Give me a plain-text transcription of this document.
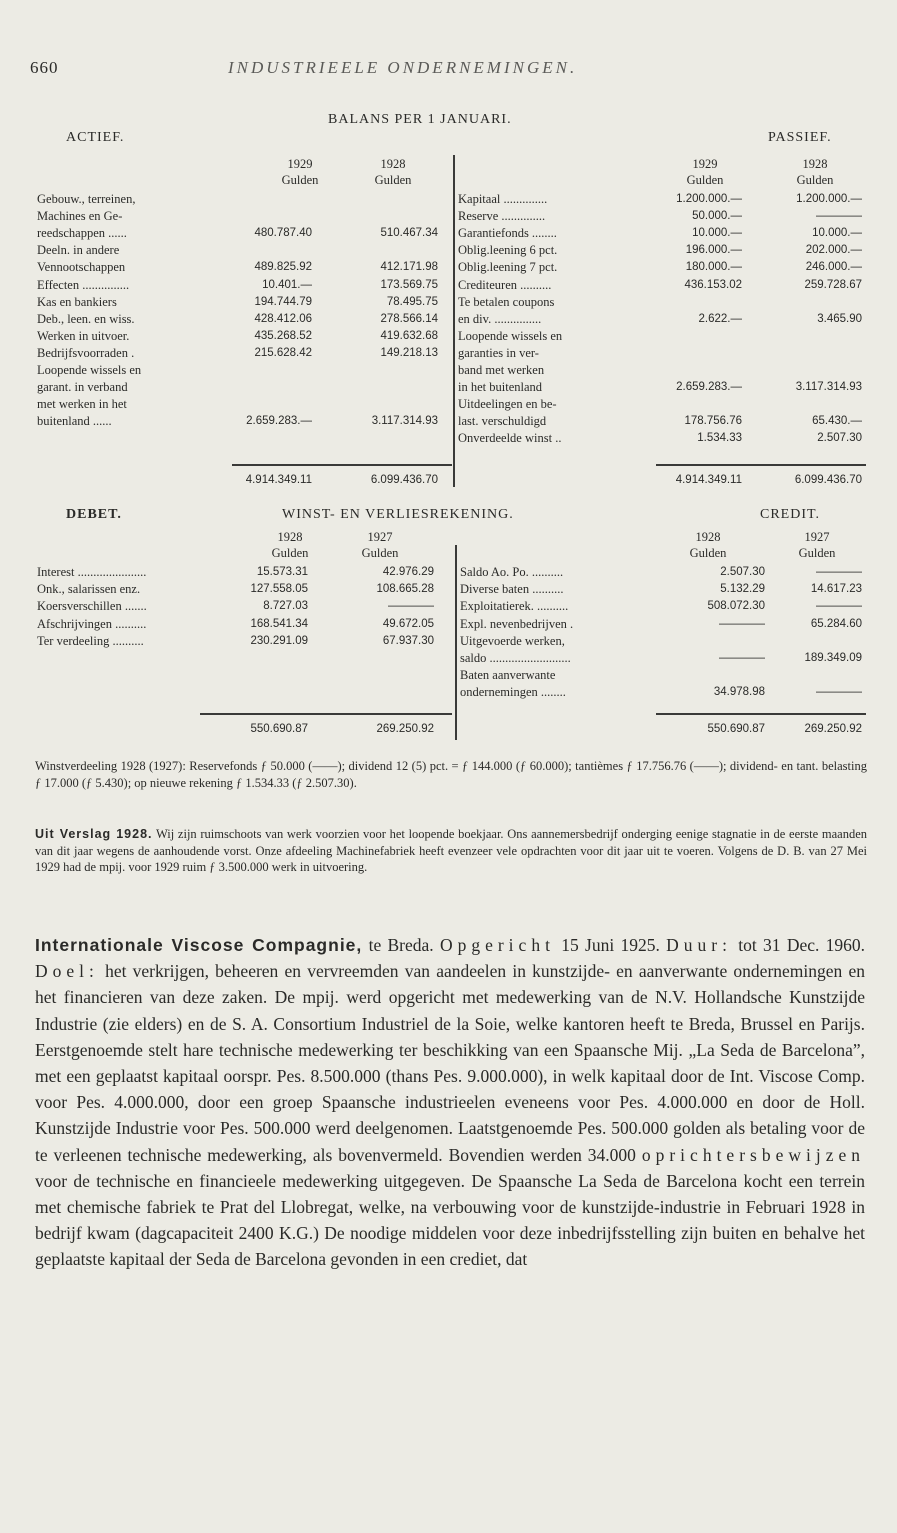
660	INDUSTRIEELE ONDERNEMINGEN.
BALANS PER 1 JANUARI.
ACTIEF.	PASSIEF.
1929	1928
Gulden	Gulden
1929	1928
Gulden	Gulden
Gebouw., terreinen,
Machines en Ge-
reedschappen ......	480.787.40	510.467.34
Deeln. in andere
Vennootschappen	489.825.92	412.171.98
Effecten ...............	10.401.—	173.569.75
Kas en bankiers	194.744.79	78.495.75
Deb., leen. en wiss.	428.412.06	278.566.14
Werken in uitvoer.	435.268.52	419.632.68
Bedrijfsvoorraden .	215.628.42	149.218.13
Loopende wissels en
garant. in verband
met werken in het
buitenland ......	2.659.283.—	3.117.314.93
Kapitaal ..............	1.200.000.—	1.200.000.—
Reserve ..............	50.000.—	————
Garantiefonds ........	10.000.—	10.000.—
Oblig.leening 6 pct.	196.000.—	202.000.—
Oblig.leening 7 pct.	180.000.—	246.000.—
Crediteuren ..........	436.153.02	259.728.67
Te betalen coupons
en div. ...............	2.622.—	3.465.90
Loopende wissels en
garanties in ver-
band met werken
in het buitenland	2.659.283.—	3.117.314.93
Uitdeelingen en be-
last. verschuldigd	178.756.76	65.430.—
Onverdeelde winst ..	1.534.33	2.507.30
4.914.349.11	6.099.436.70	4.914.349.11	6.099.436.70
DEBET.	WINST- EN VERLIESREKENING.	CREDIT.
1928	1927
Gulden	Gulden
1928	1927
Gulden	Gulden
Interest ......................	15.573.31	42.976.29
Onk., salarissen enz.	127.558.05	108.665.28
Koersverschillen .......	8.727.03	————
Afschrijvingen ..........	168.541.34	49.672.05
Ter verdeeling ..........	230.291.09	67.937.30
Saldo Ao. Po. ..........	2.507.30	————
Diverse baten ..........	5.132.29	14.617.23
Exploitatierek. ..........	508.072.30	————
Expl. nevenbedrijven .	————	65.284.60
Uitgevoerde werken,
saldo ..........................	————	189.349.09
Baten aanverwante
ondernemingen ........	34.978.98	————
550.690.87	269.250.92	550.690.87	269.250.92
Winstverdeeling 1928 (1927): Reservefonds ƒ 50.000 (——); dividend 12 (5) pct. = ƒ 144.000 (ƒ 60.000); tantièmes ƒ 17.756.76 (——); dividend- en tant. belasting ƒ 17.000 (ƒ 5.430); op nieuwe rekening ƒ 1.534.33 (ƒ 2.507.30).
Uit Verslag 1928. Wij zijn ruimschoots van werk voorzien voor het loopende boekjaar. Ons aannemersbedrijf onderging eenige stagnatie in de eerste maanden van dit jaar wegens de aanhoudende vorst. Onze afdeeling Machinefabriek heeft evenzeer vele opdrachten voor dit jaar uit te voeren. Volgens de D. B. van 27 Mei 1929 had de mpij. voor 1929 ruim ƒ 3.500.000 werk in uitvoering.
Internationale Viscose Compagnie, te Breda. Opgericht 15 Juni 1925. Duur: tot 31 Dec. 1960. Doel: het verkrijgen, beheeren en vervreemden van aandeelen in kunstzijde- en aanverwante ondernemingen en het financieren van deze zaken. De mpij. werd opgericht met medewerking van de N.V. Hollandsche Kunstzijde Industrie (zie elders) en de S. A. Consortium Industriel de la Soie, welke kantoren heeft te Breda, Brussel en Parijs. Eerstgenoemde stelt hare technische medewerking ter beschikking van een Spaansche Mij. „La Seda de Barcelona”, met een geplaatst kapitaal oorspr. Pes. 8.500.000 (thans Pes. 9.000.000), in welk kapitaal door de Int. Viscose Comp. voor Pes. 4.000.000, door een groep Spaansche industrieelen eveneens voor Pes. 4.000.000 en door de Holl. Kunstzijde Industrie voor Pes. 500.000 werd deelgenomen. Laatstgenoemde Pes. 500.000 golden als betaling voor de te verleenen technische medewerking, als bovenvermeld. Bovendien werden 34.000 oprichtersbewijzen voor de technische en financieele medewerking uitgegeven. De Spaansche La Seda de Barcelona kocht een terrein met chemische fabriek te Prat del Llobregat, welke, na verbouwing voor de kunstzijde-industrie in Februari 1928 in bedrijf kwam (dagcapaciteit 2400 K.G.) De noodige middelen voor deze inbedrijfsstelling zijn buiten en behalve het geplaatste kapitaal der Seda de Barcelona gevonden in een crediet, dat
